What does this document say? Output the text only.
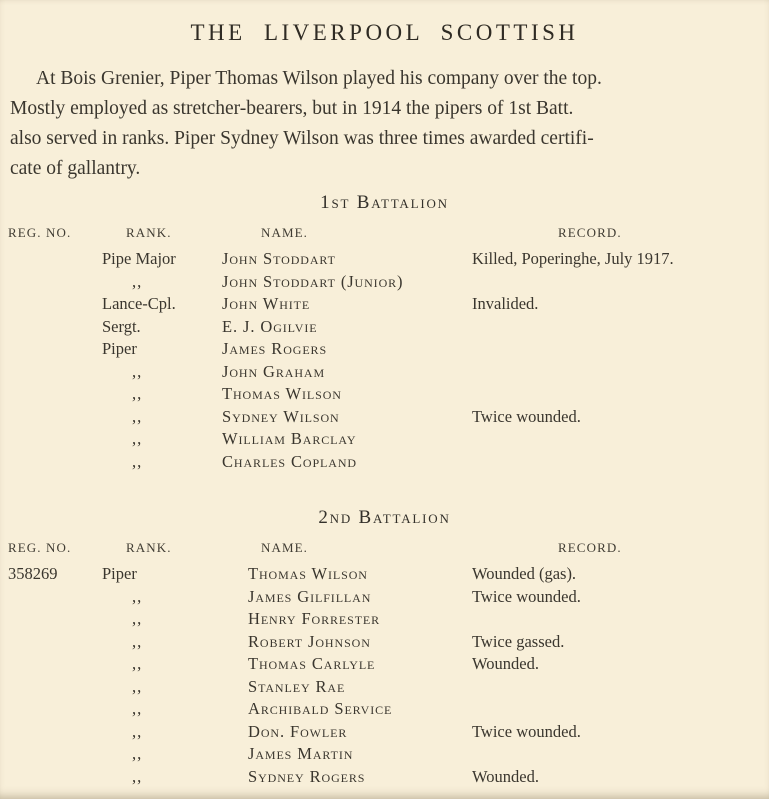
THE LIVERPOOL SCOTTISH
At Bois Grenier, Piper Thomas Wilson played his company over the top.
Mostly employed as stretcher-bearers, but in 1914 the pipers of 1st Batt.
also served in ranks. Piper Sydney Wilson was three times awarded certifi-
cate of gallantry.
1st Battalion
REG. NO.	RANK.	NAME.	RECORD.
Pipe Major	John Stoddart	Killed, Poperinghe, July 1917.
,,	John Stoddart (Junior)
Lance-Cpl.	John White	Invalided.
Sergt.	E. J. Ogilvie
Piper	James Rogers
,,	John Graham
,,	Thomas Wilson
,,	Sydney Wilson	Twice wounded.
,,	William Barclay
,,	Charles Copland
2nd Battalion
REG. NO.	RANK.	NAME.	RECORD.
358269	Piper	Thomas Wilson	Wounded (gas).
,,	James Gilfillan	Twice wounded.
,,	Henry Forrester
,,	Robert Johnson	Twice gassed.
,,	Thomas Carlyle	Wounded.
,,	Stanley Rae
,,	Archibald Service
,,	Don. Fowler	Twice wounded.
,,	James Martin
,,	Sydney Rogers	Wounded.
